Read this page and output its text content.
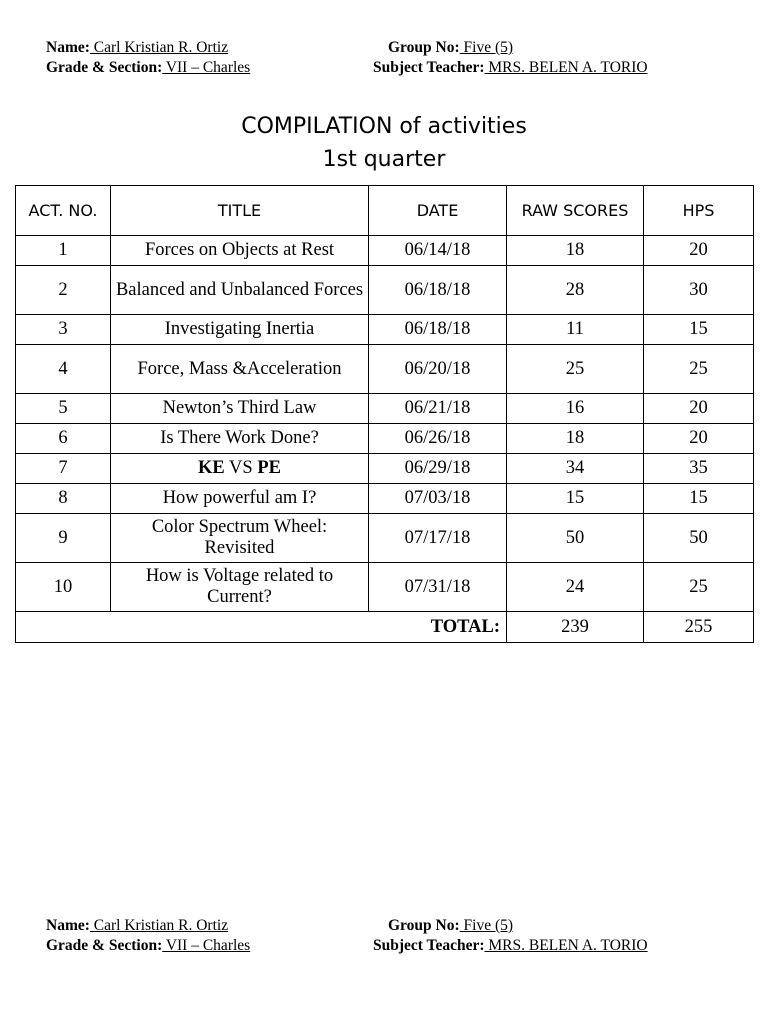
Name: Carl Kristian R. Ortiz	Group No: Five (5)
Grade & Section: VII – Charles	Subject Teacher: MRS. BELEN A. TORIO
COMPILATION of activities
1st quarter
ACT. NO.	TITLE	DATE	RAW SCORES	HPS
1	Forces on Objects at Rest	06/14/18	18	20
2	Balanced and Unbalanced Forces	06/18/18	28	30
3	Investigating Inertia	06/18/18	11	15
4	Force, Mass &Acceleration	06/20/18	25	25
5	Newton’s Third Law	06/21/18	16	20
6	Is There Work Done?	06/26/18	18	20
7	KE VS PE	06/29/18	34	35
8	How powerful am I?	07/03/18	15	15
9	Color Spectrum Wheel: Revisited	07/17/18	50	50
10	How is Voltage related to Current?	07/31/18	24	25
TOTAL:			239	255
Name: Carl Kristian R. Ortiz	Group No: Five (5)
Grade & Section: VII – Charles	Subject Teacher: MRS. BELEN A. TORIO
